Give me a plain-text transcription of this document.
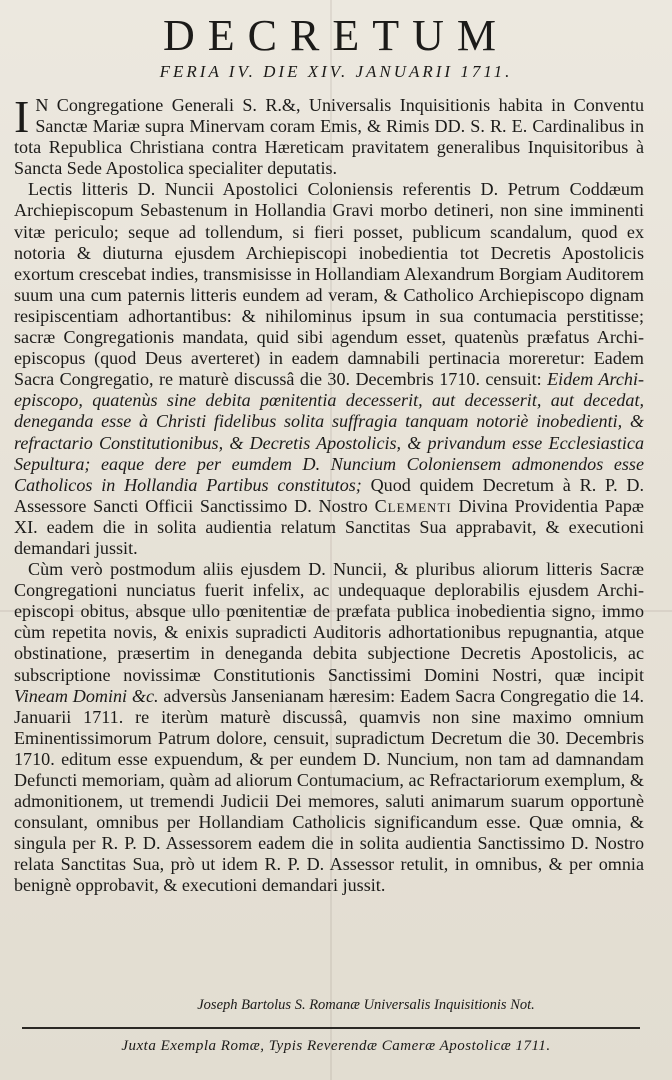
DECRETUM
FERIA IV. DIE XIV. JANUARII 1711.

I N Congregatione Generali S. R.&, Universalis Inquisitionis habita in Conventu Sanctæ Mariæ supra Minervam coram Emis, & Rimis DD. S. R. E. Cardinalibus in tota Republica Christiana contra Hæreticam pravitatem generalibus Inquisitoribus à Sancta Sede Apostolica specialiter deputatis.

Lectis litteris D. Nuncii Apostolici Coloniensis referentis D. Petrum Coddæum Archiepiscopum Sebastenum in Hollandia Gravi morbo detineri, non sine imminenti vitæ periculo; seque ad tollendum, si fieri posset, publicum scandalum, quod ex notoria & diuturna ejusdem Archiepiscopi inobedientia tot Decretis Apostolicis exortum crescebat indies, transmisisse in Hollandiam Alexandrum Borgiam Auditorem suum una cum paternis litteris eundem ad veram, & Catholico Archiepiscopo dignam resipiscentiam adhortantibus: & nihilominus ipsum in sua contumacia perstitisse; sacræ Congregationis mandata, quid sibi agendum esset, quatenùs præfatus Archi-episcopus (quod Deus averteret) in eadem damnabili pertinacia moreretur: Eadem Sacra Congregatio, re maturè discussâ die 30. Decembris 1710. censuit: Eidem Archi-episcopo, quatenùs sine debita pœnitentia decesserit, aut decesserit, aut decedat, deneganda esse à Christi fidelibus solita suffragia tanquam notoriè inobedienti, & refractario Constitutionibus, & Decretis Apostolicis, & privandum esse Ecclesiastica Sepultura; eaque dere per eumdem D. Nuncium Coloniensem admonendos esse Catholicos in Hollandia Partibus constitutos; Quod quidem Decretum à R. P. D. Assessore Sancti Officii Sanctissimo D. Nostro Clementi Divina Providentia Papæ XI. eadem die in solita audientia relatum Sanctitas Sua apprabavit, & executioni demandari jussit.

Cùm verò postmodum aliis ejusdem D. Nuncii, & pluribus aliorum litteris Sacræ Congregationi nunciatus fuerit infelix, ac undequaque deplorabilis ejusdem Archi-episcopi obitus, absque ullo pœnitentiæ de præfata publica inobedientia signo, immo cùm repetita novis, & enixis supradicti Auditoris adhortationibus repugnantia, atque obstinatione, præsertim in deneganda debita subjectione Decretis Apostolicis, ac subscriptione novissimæ Constitutionis Sanctissimi Domini Nostri, quæ incipit Vineam Domini &c. adversùs Jansenianam hæresim: Eadem Sacra Congregatio die 14. Januarii 1711. re iterùm maturè discussâ, quamvis non sine maximo omnium Eminentissimorum Patrum dolore, censuit, supradictum Decretum die 30. Decembris 1710. editum esse expuendum, & per eundem D. Nuncium, non tam ad damnandam Defuncti memoriam, quàm ad aliorum Contumacium, ac Refractariorum exemplum, & admonitionem, ut tremendi Judicii Dei memores, saluti animarum suarum opportunè consulant, omnibus per Hollandiam Catholicis significandum esse. Quæ omnia, & singula per R. P. D. Assessorem eadem die in solita audientia Sanctissimo D. Nostro relata Sanctitas Sua, prò ut idem R. P. D. Assessor retulit, in omnibus, & per omnia benignè opprobavit, & executioni demandari jussit.

Joseph Bartolus S. Romanæ Universalis Inquisitionis Not.
Juxta Exempla Romæ, Typis Reverendæ Cameræ Apostolicæ 1711.
